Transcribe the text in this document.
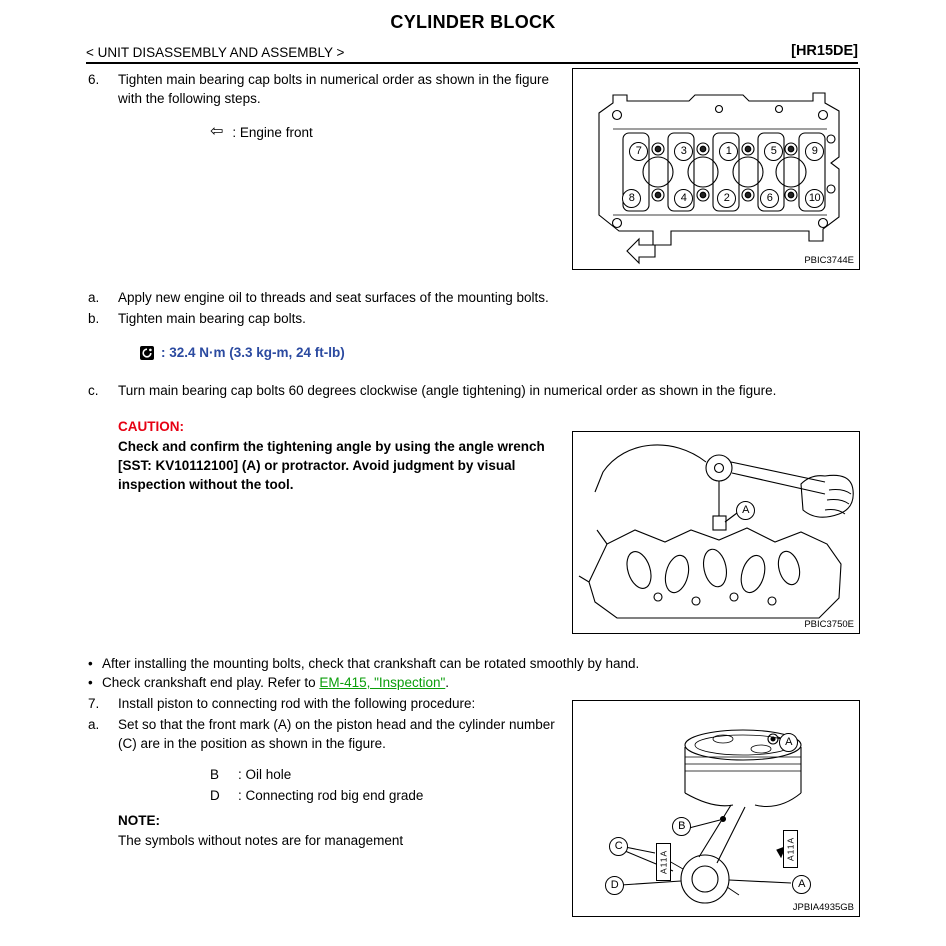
CYLINDER BLOCK
< UNIT DISASSEMBLY AND ASSEMBLY >	[HR15DE]
6. Tighten main bearing cap bolts in numerical order as shown in the figure with the following steps.
⇦ : Engine front
7	3	1	5	9
8	4	2	6	10
PBIC3744E
a. Apply new engine oil to threads and seat surfaces of the mounting bolts.
b. Tighten main bearing cap bolts.
: 32.4 N·m (3.3 kg-m, 24 ft-lb)
c. Turn main bearing cap bolts 60 degrees clockwise (angle tightening) in numerical order as shown in the figure.
CAUTION:
Check and confirm the tightening angle by using the angle wrench [SST: KV10112100] (A) or protractor. Avoid judgment by visual inspection without the tool.
A
PBIC3750E
• After installing the mounting bolts, check that crankshaft can be rotated smoothly by hand.
• Check crankshaft end play. Refer to EM-415, "Inspection".
7. Install piston to connecting rod with the following procedure:
a. Set so that the front mark (A) on the piston head and the cylinder number (C) are in the position as shown in the figure.
B	: Oil hole
D	: Connecting rod big end grade
NOTE:
The symbols without notes are for management
A
B
C
D	A
A11A
A11A
JPBIA4935GB
